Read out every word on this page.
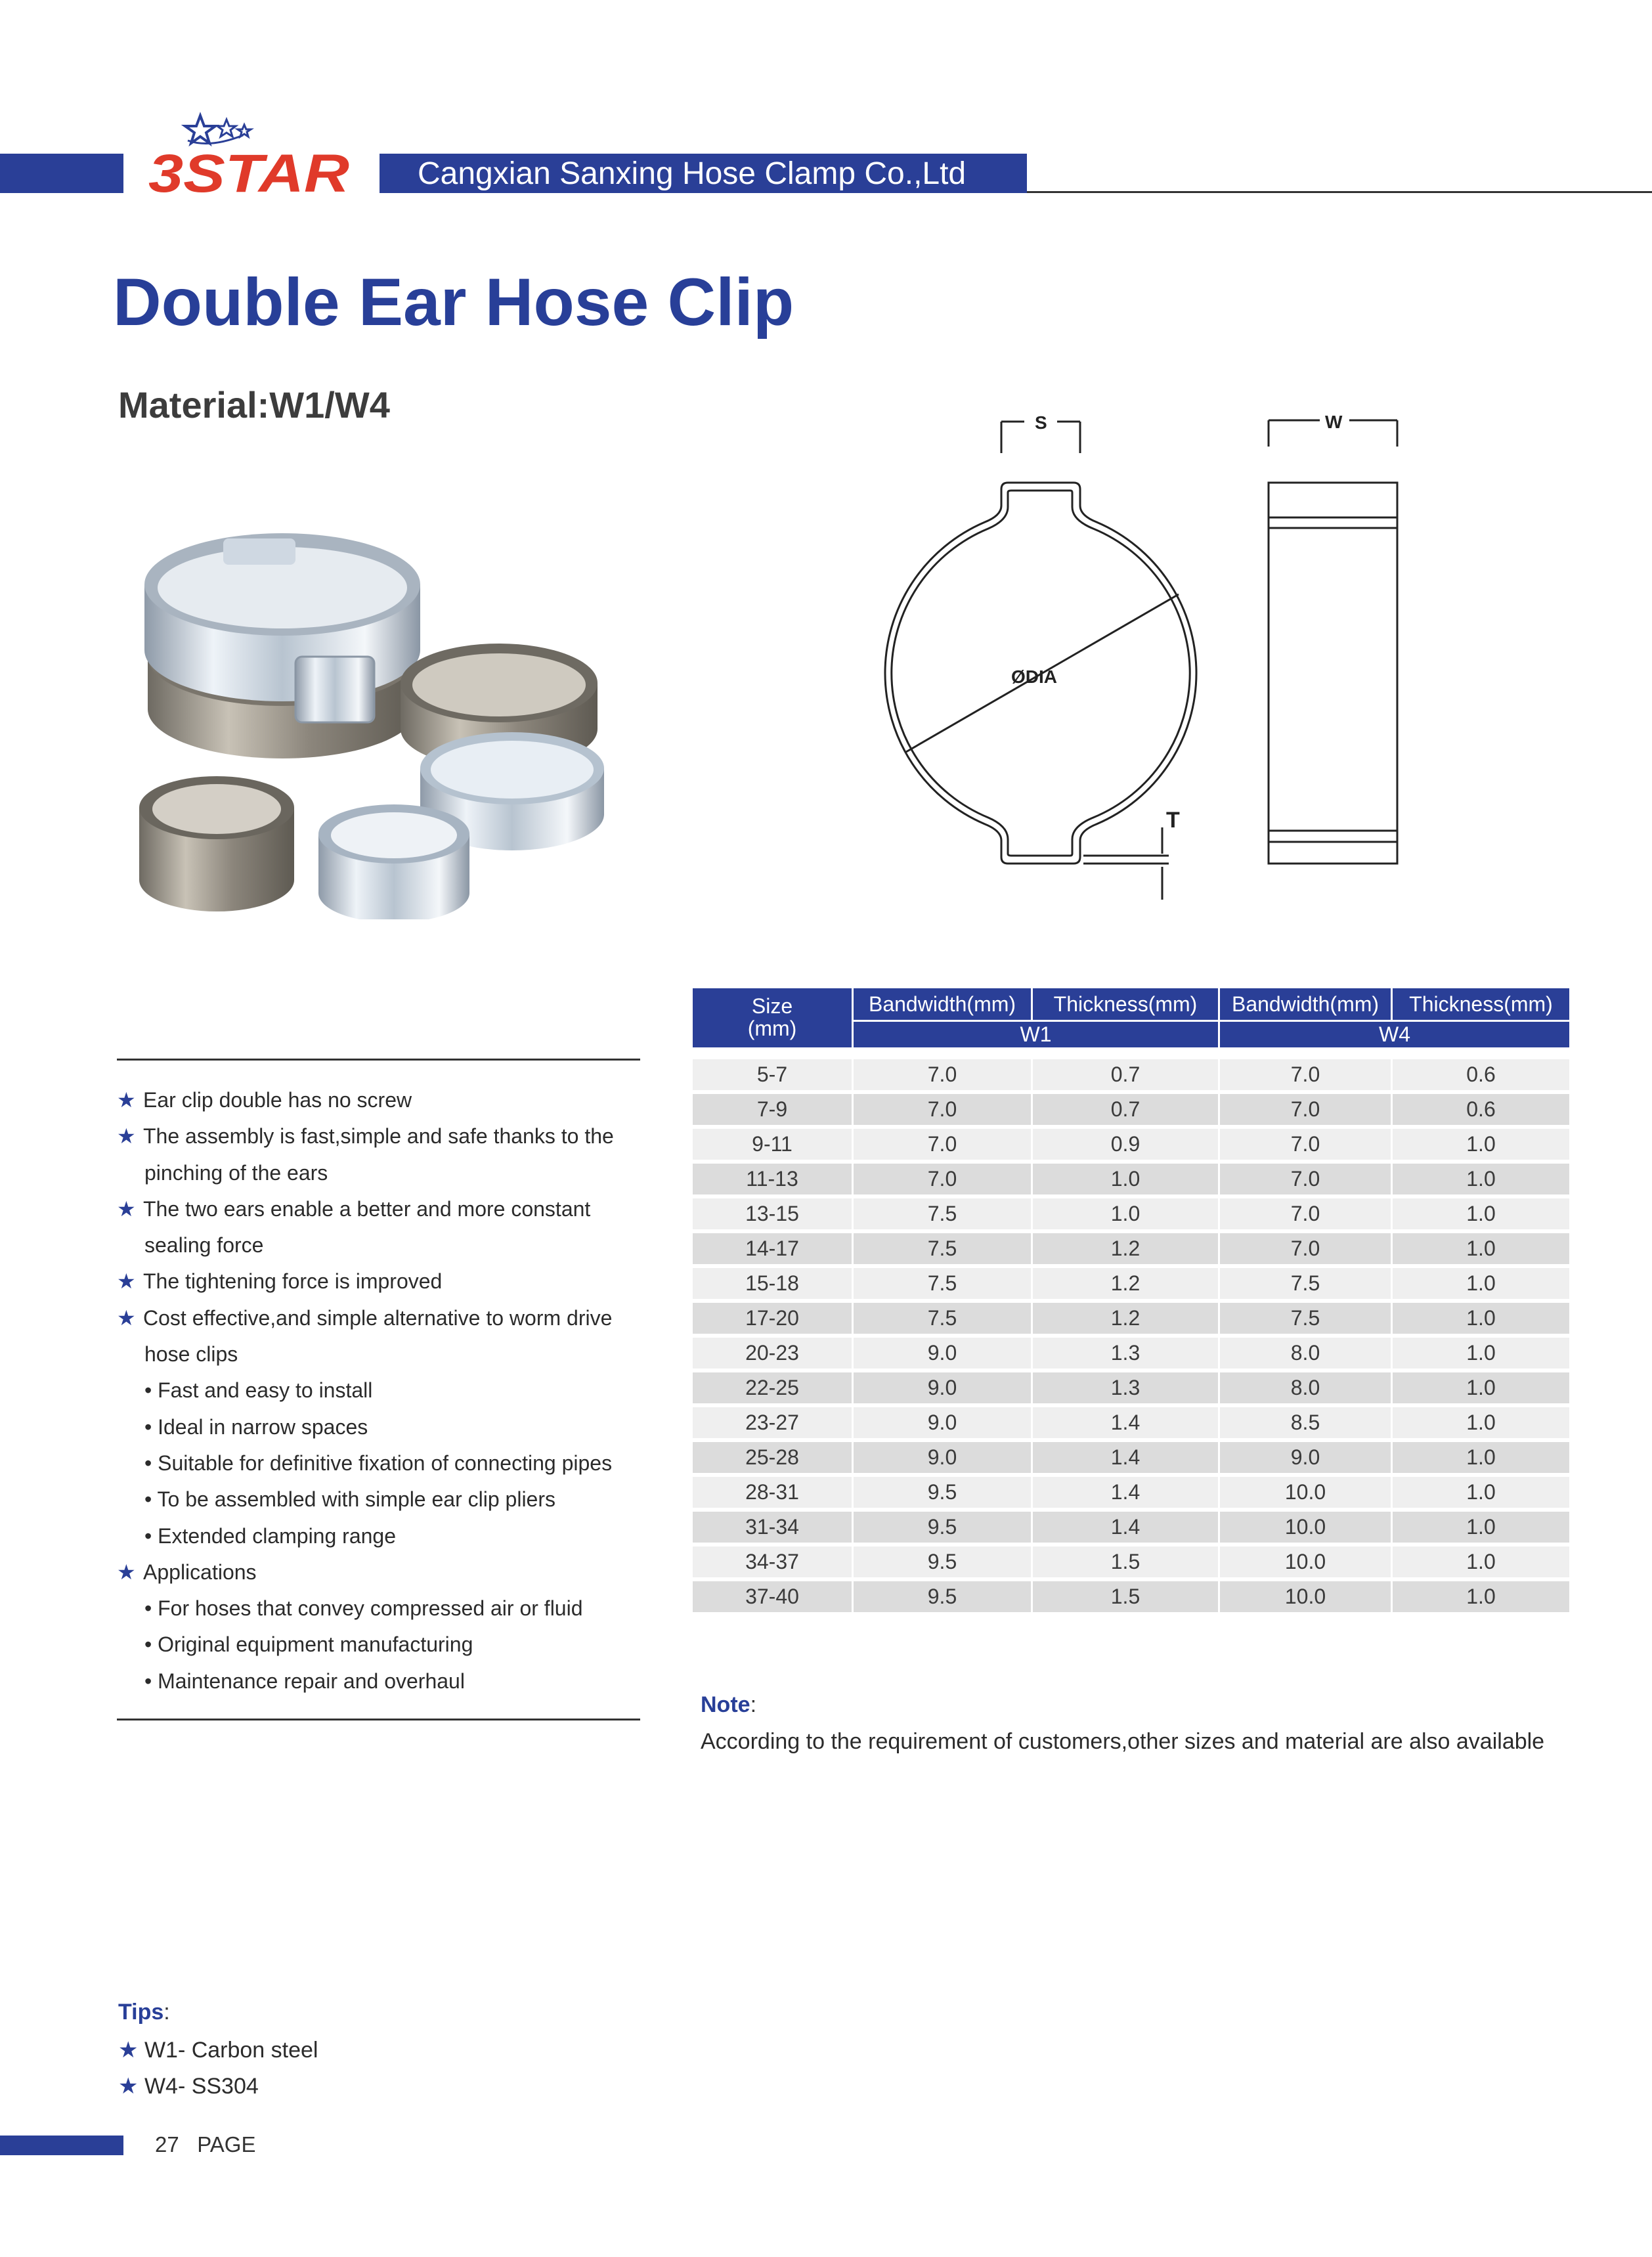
Cangxian Sanxing Hose Clamp Co.,Ltd
3STAR
Double Ear Hose Clip
Material:W1/W4	S	W
ØDIA
T
★ Ear clip double has no screw
★ The assembly is fast,simple and safe thanks to the
pinching of the ears
★ The two ears enable a better and more constant
sealing force
★ The tightening force is improved
★ Cost effective,and simple alternative to worm drive
hose clips
• Fast and easy to install
• Ideal in narrow spaces
• Suitable for definitive fixation of connecting pipes
• To be assembled with simple ear clip pliers
• Extended clamping range
★ Applications
• For hoses that convey compressed air or fluid
• Original equipment manufacturing
• Maintenance repair and overhaul
Size
(mm)
Bandwidth(mm)	Thickness(mm)	Bandwidth(mm)	Thickness(mm)
W1	W4
5-7	7.0	0.7	7.0	0.6
7-9	7.0	0.7	7.0	0.6
9-11	7.0	0.9	7.0	1.0
11-13	7.0	1.0	7.0	1.0
13-15	7.5	1.0	7.0	1.0
14-17	7.5	1.2	7.0	1.0
15-18	7.5	1.2	7.5	1.0
17-20	7.5	1.2	7.5	1.0
20-23	9.0	1.3	8.0	1.0
22-25	9.0	1.3	8.0	1.0
23-27	9.0	1.4	8.5	1.0
25-28	9.0	1.4	9.0	1.0
28-31	9.5	1.4	10.0	1.0
31-34	9.5	1.4	10.0	1.0
34-37	9.5	1.5	10.0	1.0
37-40	9.5	1.5	10.0	1.0
Note:
According to the requirement of customers,other sizes and material are also available
Tips:
★ W1- Carbon steel
★ W4- SS304
27 PAGE
